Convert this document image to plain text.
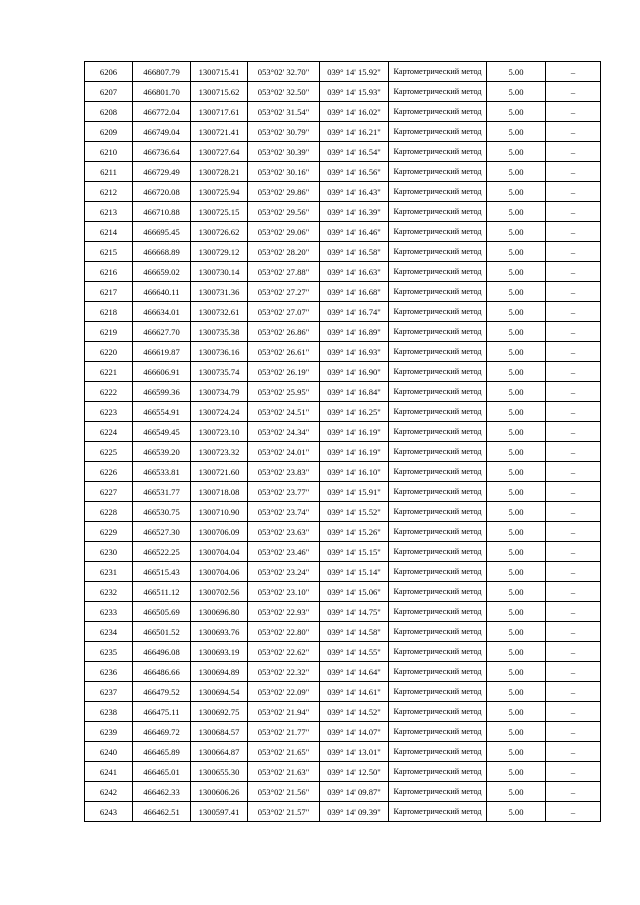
6206	466807.79	1300715.41	053°02' 32.70"	039° 14' 15.92"	Картометрический метод	5.00	–
6207	466801.70	1300715.62	053°02' 32.50"	039° 14' 15.93"	Картометрический метод	5.00	–
6208	466772.04	1300717.61	053°02' 31.54"	039° 14' 16.02"	Картометрический метод	5.00	–
6209	466749.04	1300721.41	053°02' 30.79"	039° 14' 16.21"	Картометрический метод	5.00	–
6210	466736.64	1300727.64	053°02' 30.39"	039° 14' 16.54"	Картометрический метод	5.00	–
6211	466729.49	1300728.21	053°02' 30.16"	039° 14' 16.56"	Картометрический метод	5.00	–
6212	466720.08	1300725.94	053°02' 29.86"	039° 14' 16.43"	Картометрический метод	5.00	–
6213	466710.88	1300725.15	053°02' 29.56"	039° 14' 16.39"	Картометрический метод	5.00	–
6214	466695.45	1300726.62	053°02' 29.06"	039° 14' 16.46"	Картометрический метод	5.00	–
6215	466668.89	1300729.12	053°02' 28.20"	039° 14' 16.58"	Картометрический метод	5.00	–
6216	466659.02	1300730.14	053°02' 27.88"	039° 14' 16.63"	Картометрический метод	5.00	–
6217	466640.11	1300731.36	053°02' 27.27"	039° 14' 16.68"	Картометрический метод	5.00	–
6218	466634.01	1300732.61	053°02' 27.07"	039° 14' 16.74"	Картометрический метод	5.00	–
6219	466627.70	1300735.38	053°02' 26.86"	039° 14' 16.89"	Картометрический метод	5.00	–
6220	466619.87	1300736.16	053°02' 26.61"	039° 14' 16.93"	Картометрический метод	5.00	–
6221	466606.91	1300735.74	053°02' 26.19"	039° 14' 16.90"	Картометрический метод	5.00	–
6222	466599.36	1300734.79	053°02' 25.95"	039° 14' 16.84"	Картометрический метод	5.00	–
6223	466554.91	1300724.24	053°02' 24.51"	039° 14' 16.25"	Картометрический метод	5.00	–
6224	466549.45	1300723.10	053°02' 24.34"	039° 14' 16.19"	Картометрический метод	5.00	–
6225	466539.20	1300723.32	053°02' 24.01"	039° 14' 16.19"	Картометрический метод	5.00	–
6226	466533.81	1300721.60	053°02' 23.83"	039° 14' 16.10"	Картометрический метод	5.00	–
6227	466531.77	1300718.08	053°02' 23.77"	039° 14' 15.91"	Картометрический метод	5.00	–
6228	466530.75	1300710.90	053°02' 23.74"	039° 14' 15.52"	Картометрический метод	5.00	–
6229	466527.30	1300706.09	053°02' 23.63"	039° 14' 15.26"	Картометрический метод	5.00	–
6230	466522.25	1300704.04	053°02' 23.46"	039° 14' 15.15"	Картометрический метод	5.00	–
6231	466515.43	1300704.06	053°02' 23.24"	039° 14' 15.14"	Картометрический метод	5.00	–
6232	466511.12	1300702.56	053°02' 23.10"	039° 14' 15.06"	Картометрический метод	5.00	–
6233	466505.69	1300696.80	053°02' 22.93"	039° 14' 14.75"	Картометрический метод	5.00	–
6234	466501.52	1300693.76	053°02' 22.80"	039° 14' 14.58"	Картометрический метод	5.00	–
6235	466496.08	1300693.19	053°02' 22.62"	039° 14' 14.55"	Картометрический метод	5.00	–
6236	466486.66	1300694.89	053°02' 22.32"	039° 14' 14.64"	Картометрический метод	5.00	–
6237	466479.52	1300694.54	053°02' 22.09"	039° 14' 14.61"	Картометрический метод	5.00	–
6238	466475.11	1300692.75	053°02' 21.94"	039° 14' 14.52"	Картометрический метод	5.00	–
6239	466469.72	1300684.57	053°02' 21.77"	039° 14' 14.07"	Картометрический метод	5.00	–
6240	466465.89	1300664.87	053°02' 21.65"	039° 14' 13.01"	Картометрический метод	5.00	–
6241	466465.01	1300655.30	053°02' 21.63"	039° 14' 12.50"	Картометрический метод	5.00	–
6242	466462.33	1300606.26	053°02' 21.56"	039° 14' 09.87"	Картометрический метод	5.00	–
6243	466462.51	1300597.41	053°02' 21.57"	039° 14' 09.39"	Картометрический метод	5.00	–
